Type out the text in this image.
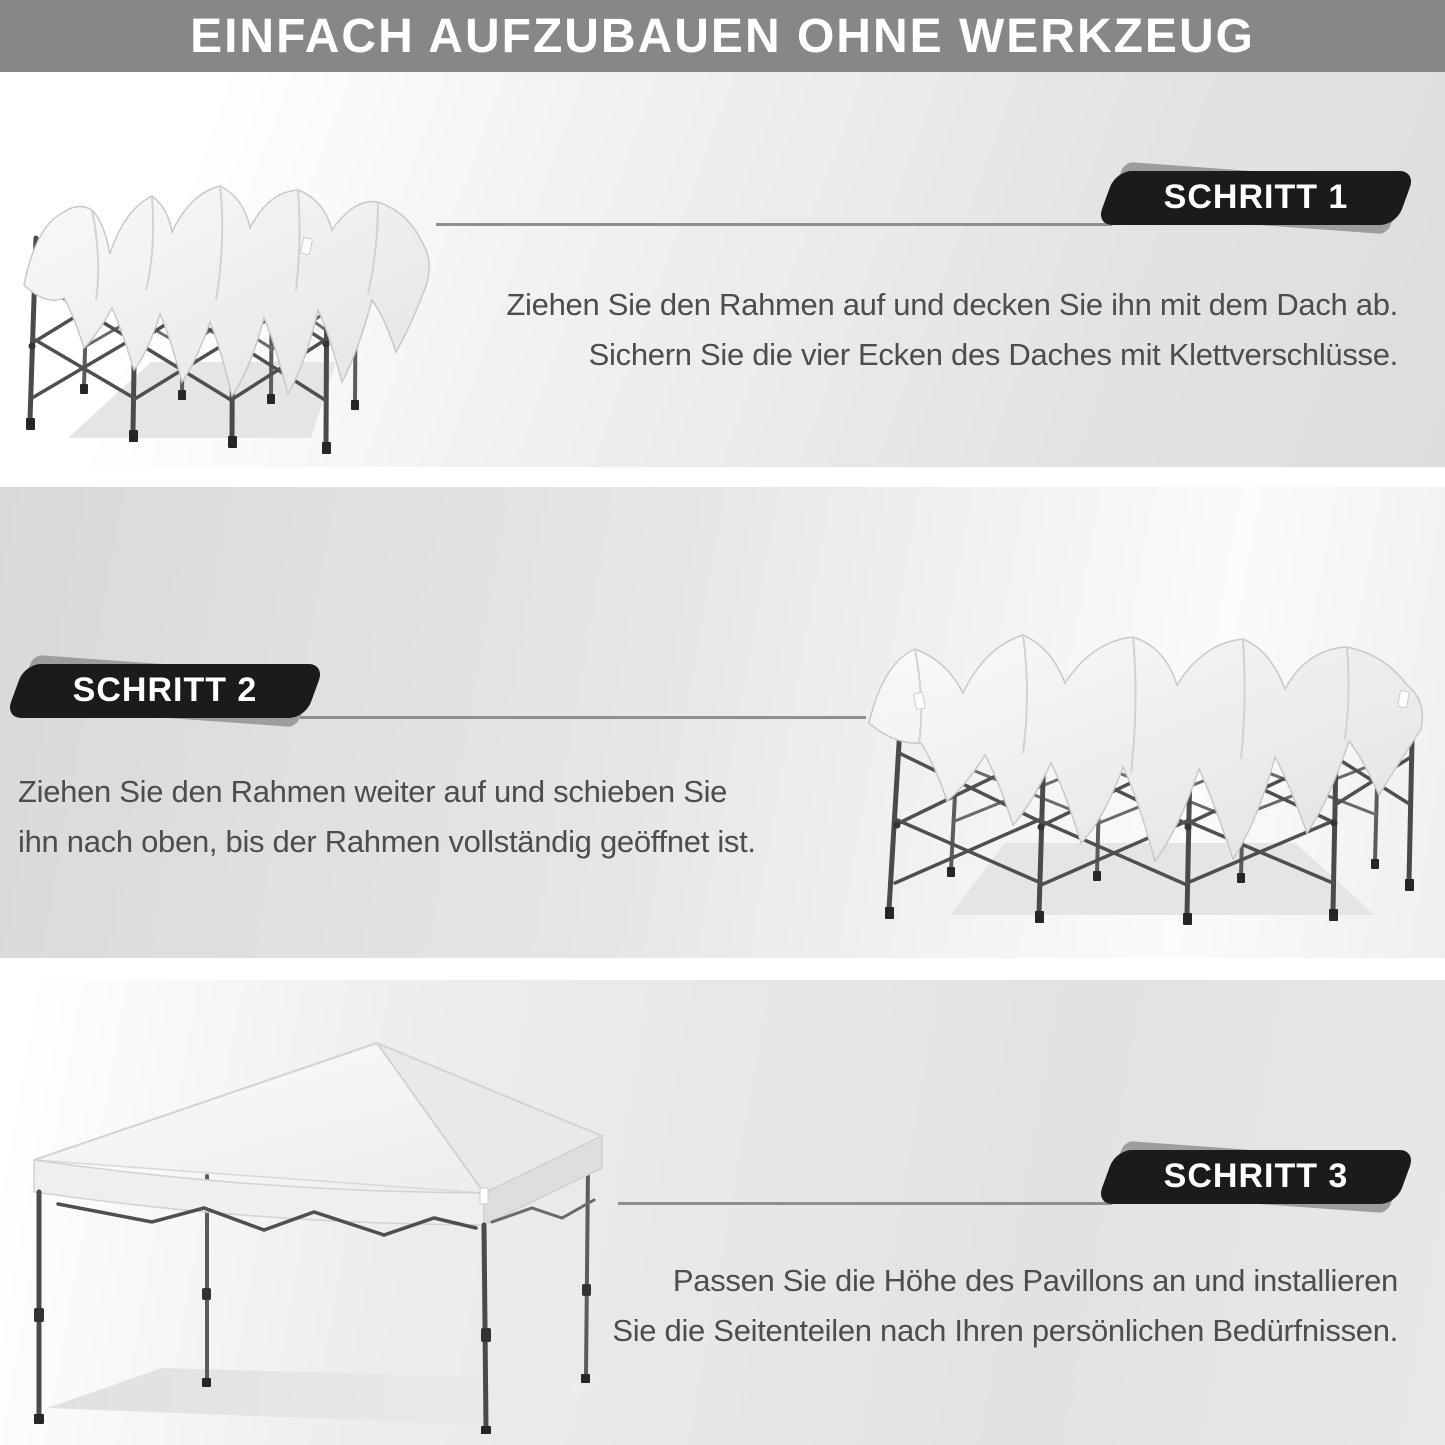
EINFACH AUFZUBAUEN OHNE WERKZEUG
SCHRITT 1
Ziehen Sie den Rahmen auf und decken Sie ihn mit dem Dach ab.
Sichern Sie die vier Ecken des Daches mit Klettverschlüsse.
SCHRITT 2
Ziehen Sie den Rahmen weiter auf und schieben Sie
ihn nach oben, bis der Rahmen vollständig geöffnet ist.
SCHRITT 3
Passen Sie die Höhe des Pavillons an und installieren
Sie die Seitenteilen nach Ihren persönlichen Bedürfnissen.
